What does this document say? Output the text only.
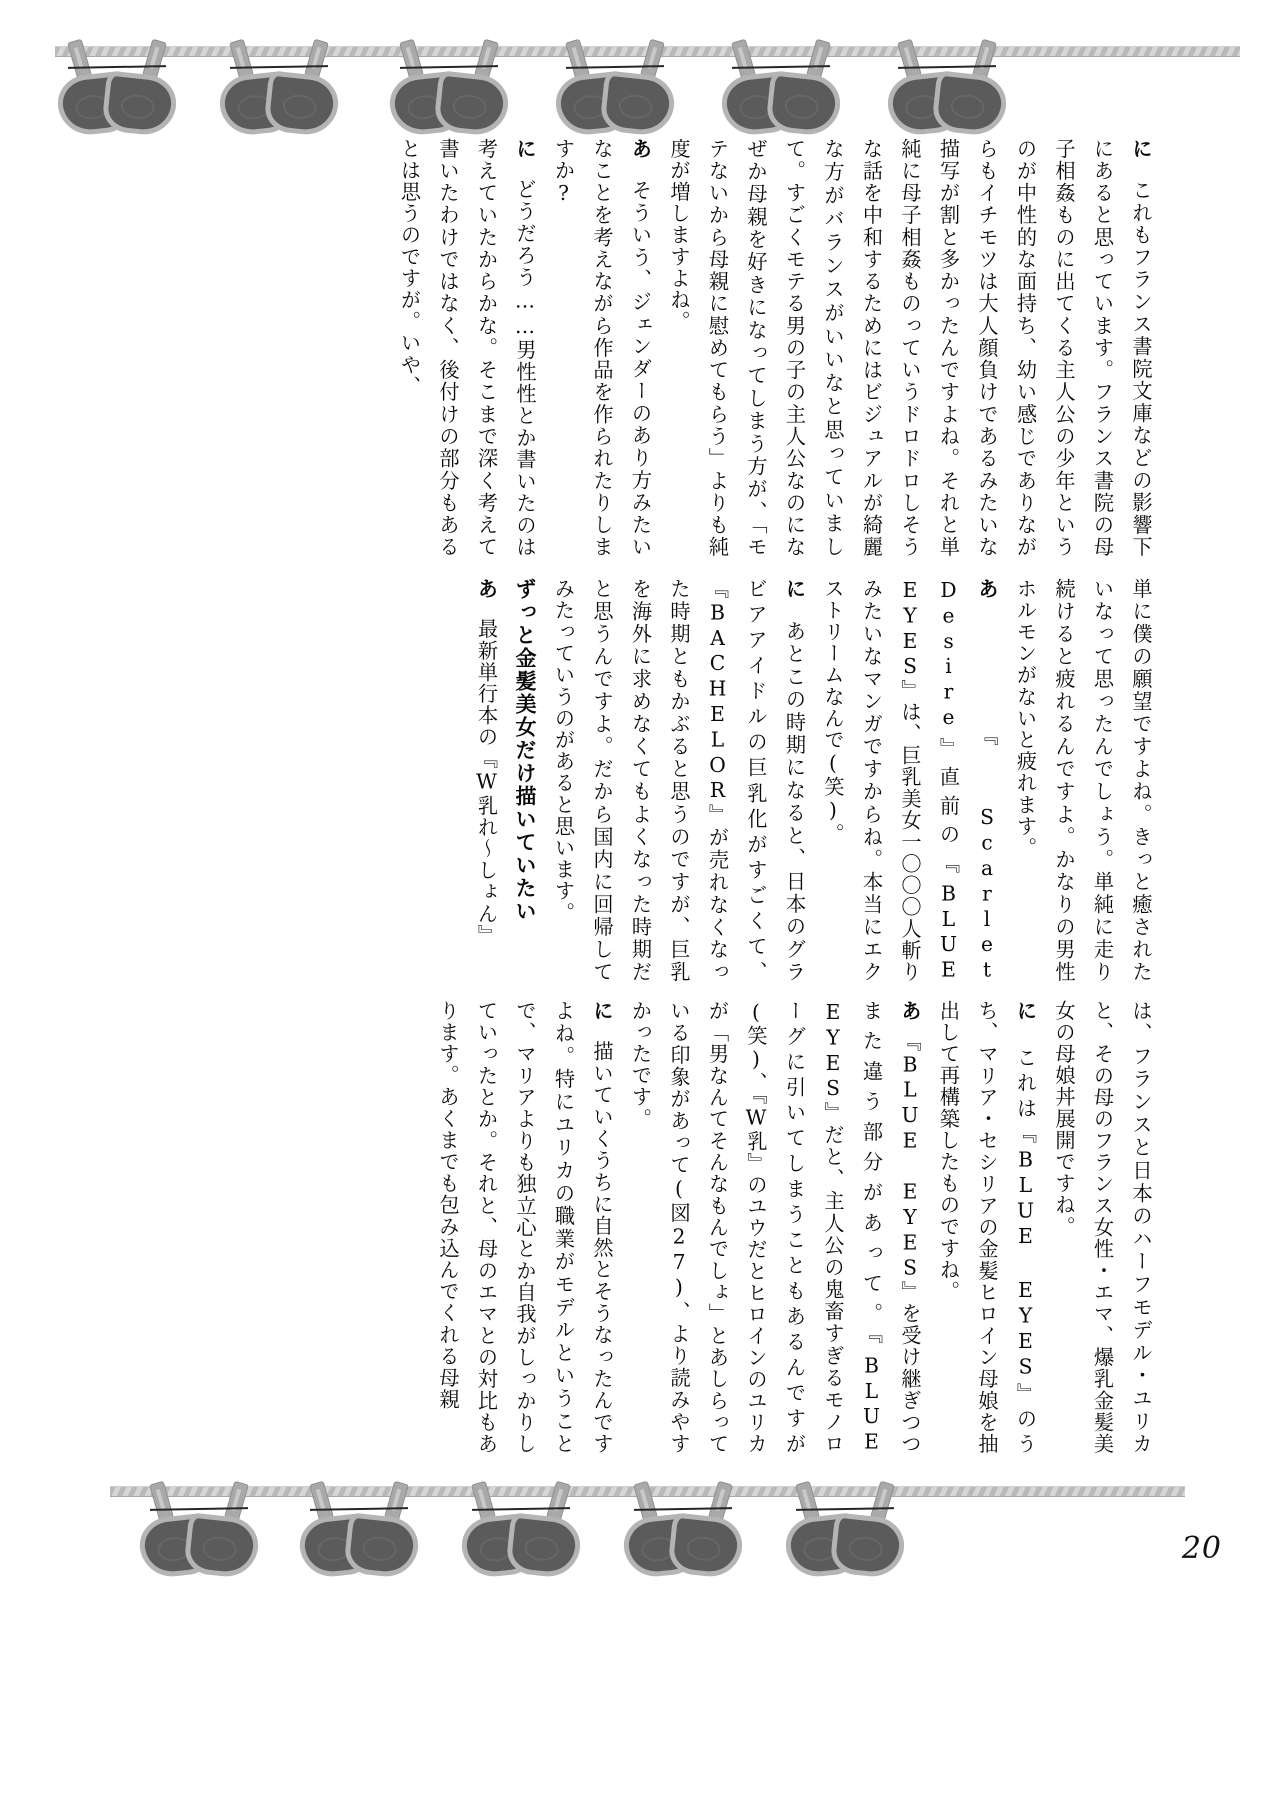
に　これもフランス書院文庫などの影響下にあると思っています。フランス書院の母子相姦ものに出てくる主人公の少年というのが中性的な面持ち、幼い感じでありながらもイチモツは大人顔負けであるみたいな描写が割と多かったんですよね。それと単純に母子相姦ものっていうドロドロしそうな話を中和するためにはビジュアルが綺麗な方がバランスがいいなと思っていまして。すごくモテる男の子の主人公なのになぜか母親を好きになってしまう方が、「モテないから母親に慰めてもらう」よりも純度が増しますよね。
あ　そういう、ジェンダーのあり方みたいなことを考えながら作品を作られたりしますか?
に　どうだろう……男性性とか書いたのは考えていたからかな。そこまで深く考えて書いたわけではなく、後付けの部分もあるとは思うのですが。いや、
単に僕の願望ですよね。きっと癒されたいなって思ったんでしょう。単純に走り続けると疲れるんですよ。かなりの男性ホルモンがないと疲れます。
あ　『Scarlet Desire』直前の『BLUE EYES』は、巨乳美女一〇〇〇人斬りみたいなマンガですからね。本当にエクストリームなんで(笑)。
に　あとこの時期になると、日本のグラビアアイドルの巨乳化がすごくて、『BACHELOR』が売れなくなった時期ともかぶると思うのですが、巨乳を海外に求めなくてもよくなった時期だと思うんですよ。だから国内に回帰してみたっていうのがあると思います。
ずっと金髪美女だけ描いていたい
あ　最新単行本の『W乳れ〜しょん』
は、フランスと日本のハーフモデル・ユリカと、その母のフランス女性・エマ、爆乳金髪美女の母娘丼展開ですね。
に　これは『BLUE EYES』のうち、マリア・セシリアの金髪ヒロイン母娘を抽出して再構築したものですね。
あ　『BLUE EYES』を受け継ぎつつまた違う部分があって。『BLUE EYES』だと、主人公の鬼畜すぎるモノローグに引いてしまうこともあるんですが(笑)、『W乳』のユウだとヒロインのユリカが「男なんてそんなもんでしょ」とあしらっている印象があって(図27)、より読みやすかったです。
に　描いていくうちに自然とそうなったんですよね。特にユリカの職業がモデルということで、マリアよりも独立心とか自我がしっかりしていったとか。それと、母のエマとの対比もあります。あくまでも包み込んでくれる母親
20
